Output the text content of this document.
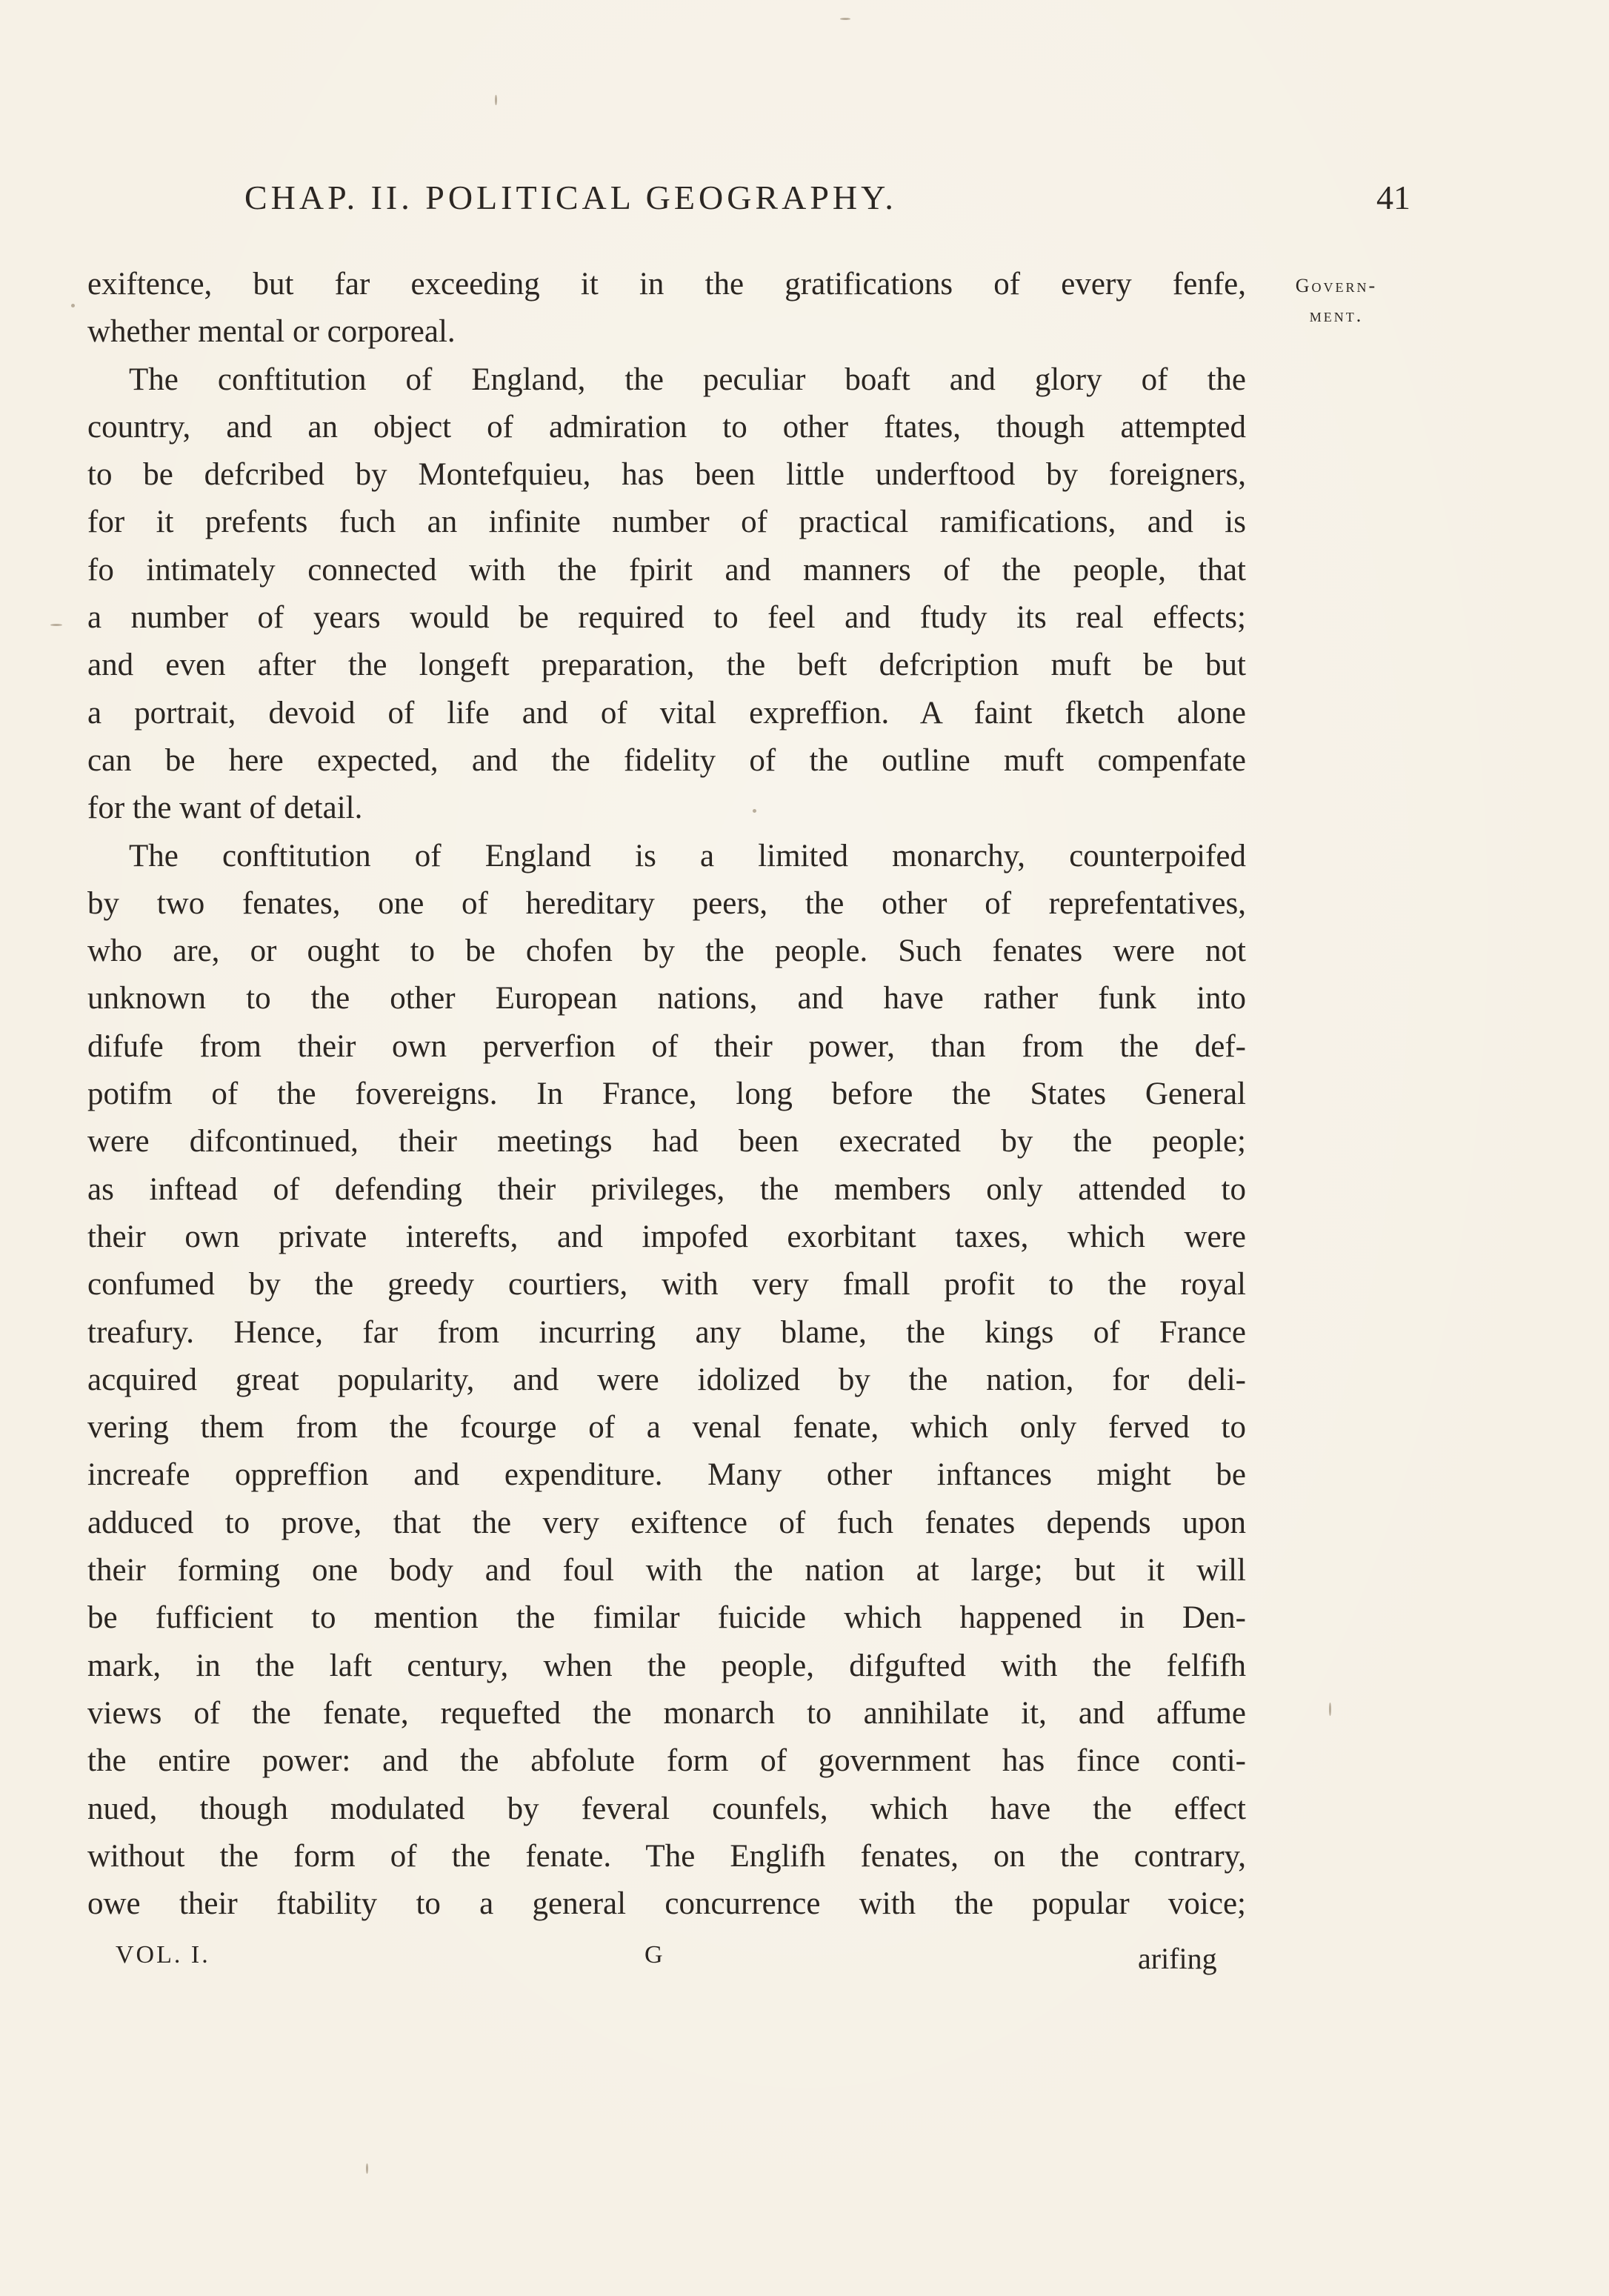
CHAP. II. POLITICAL GEOGRAPHY.	41
Govern-
ment.
exiftence, but far exceeding it in the gratifications of every fenfe,
whether mental or corporeal.
The conftitution of England, the peculiar boaft and glory of the
country, and an object of admiration to other ftates, though attempted
to be defcribed by Montefquieu, has been little underftood by foreigners,
for it prefents fuch an infinite number of practical ramifications, and is
fo intimately connected with the fpirit and manners of the people, that
a number of years would be required to feel and ftudy its real effects;
and even after the longeft preparation, the beft defcription muft be but
a portrait, devoid of life and of vital expreffion. A faint fketch alone
can be here expected, and the fidelity of the outline muft compenfate
for the want of detail.
The conftitution of England is a limited monarchy, counterpoifed
by two fenates, one of hereditary peers, the other of reprefentatives,
who are, or ought to be chofen by the people. Such fenates were not
unknown to the other European nations, and have rather funk into
difufe from their own perverfion of their power, than from the def-
potifm of the fovereigns. In France, long before the States General
were difcontinued, their meetings had been execrated by the people;
as inftead of defending their privileges, the members only attended to
their own private interefts, and impofed exorbitant taxes, which were
confumed by the greedy courtiers, with very fmall profit to the royal
treafury. Hence, far from incurring any blame, the kings of France
acquired great popularity, and were idolized by the nation, for deli-
vering them from the fcourge of a venal fenate, which only ferved to
increafe oppreffion and expenditure. Many other inftances might be
adduced to prove, that the very exiftence of fuch fenates depends upon
their forming one body and foul with the nation at large; but it will
be fufficient to mention the fimilar fuicide which happened in Den-
mark, in the laft century, when the people, difgufted with the felfifh
views of the fenate, requefted the monarch to annihilate it, and affume
the entire power: and the abfolute form of government has fince conti-
nued, though modulated by feveral counfels, which have the effect
without the form of the fenate. The Englifh fenates, on the contrary,
owe their ftability to a general concurrence with the popular voice;
VOL. I.	G	arifing
